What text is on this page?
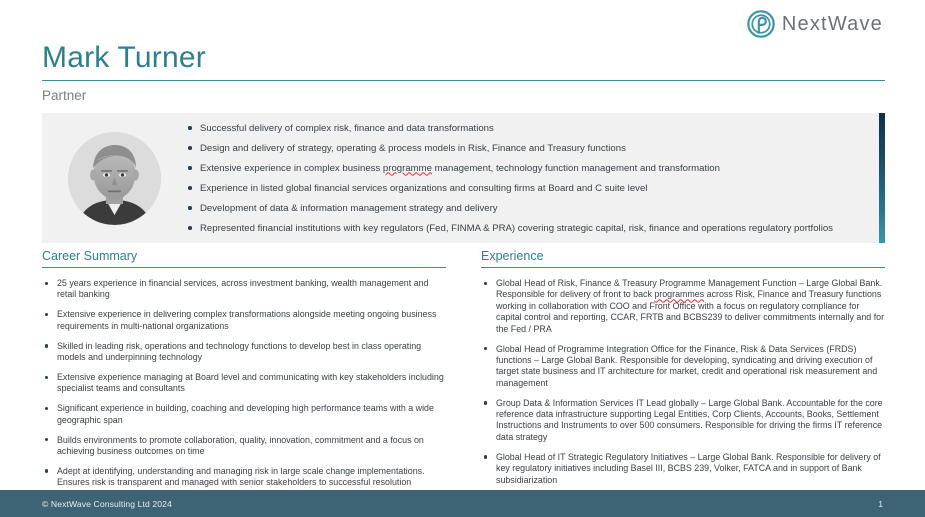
NextWave
Mark Turner
Partner
Successful delivery of complex risk, finance and data transformations
Design and delivery of strategy, operating & process models in Risk, Finance and Treasury functions
Extensive experience in complex business programme management, technology function management and transformation
Experience in listed global financial services organizations and consulting firms at Board and C suite level
Development of data & information management strategy and delivery
Represented financial institutions with key regulators (Fed, FINMA & PRA) covering strategic capital, risk, finance and operations regulatory portfolios
Career Summary
25 years experience in financial services, across investment banking, wealth management and retail banking
Extensive experience in delivering complex transformations alongside meeting ongoing business requirements in multi-national organizations
Skilled in leading risk, operations and technology functions to develop best in class operating models and underpinning technology
Extensive experience managing at Board level and communicating with key stakeholders including specialist teams and consultants
Significant experience in building, coaching and developing high performance teams with a wide geographic span
Builds environments to promote collaboration, quality, innovation, commitment and a focus on achieving business outcomes on time
Adept at identifying, understanding and managing risk in large scale change implementations. Ensures risk is transparent and managed with senior stakeholders to successful resolution
Experience
Global Head of Risk, Finance & Treasury Programme Management Function – Large Global Bank.  Responsible for delivery of front to back programmes across Risk, Finance and Treasury functions working in collaboration with COO and Front Office with a focus on regulatory compliance for capital control and reporting, CCAR, FRTB and BCBS239 to deliver commitments internally and for the Fed / PRA
Global Head of Programme Integration Office for the Finance, Risk & Data Services (FRDS) functions – Large Global Bank. Responsible for developing, syndicating and driving execution of target state business and IT architecture for market, credit and operational risk measurement and management
Group Data & Information Services IT Lead globally – Large Global Bank. Accountable for the core reference data infrastructure supporting Legal Entities, Corp Clients, Accounts, Books, Settlement Instructions and Instruments to over 500 consumers. Responsible for driving the firms IT reference data strategy
Global Head of IT Strategic Regulatory Initiatives – Large Global Bank. Responsible for delivery of key regulatory initiatives including Basel III, BCBS 239, Volker, FATCA and in support of Bank subsidiarization
© NextWave Consulting Ltd 2024	1
